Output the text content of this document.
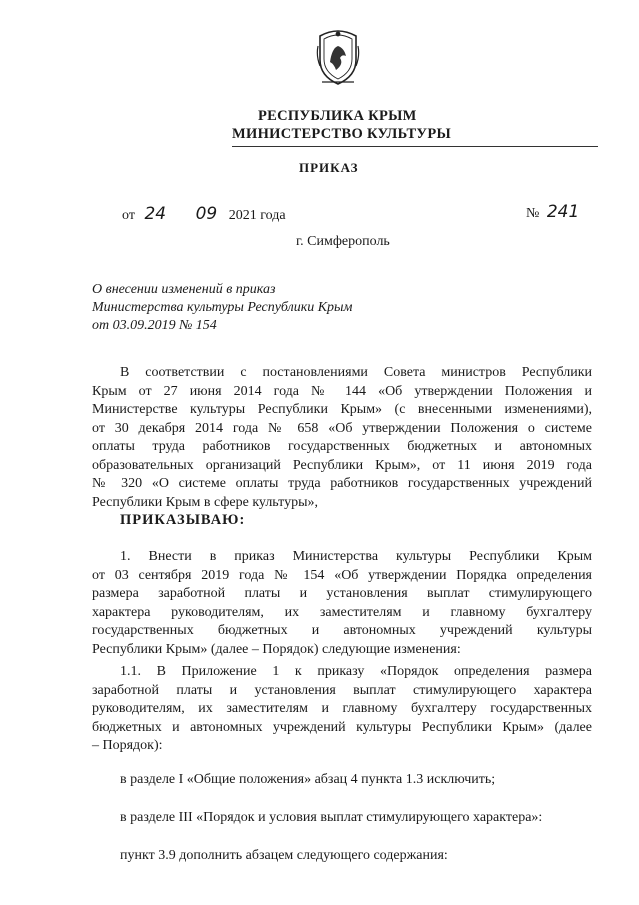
РЕСПУБЛИКА КРЫМ
МИНИСТЕРСТВО КУЛЬТУРЫ
ПРИКАЗ
от 24 09 2021 года	№ 241
г. Симферополь
О внесении изменений в приказ
Министерства культуры Республики Крым
от 03.09.2019 № 154
В соответствии с постановлениями Совета министров Республики
Крым от 27 июня 2014 года № 144 «Об утверждении Положения и
Министерстве культуры Республики Крым» (с внесенными изменениями),
от 30 декабря 2014 года № 658 «Об утверждении Положения о системе
оплаты труда работников государственных бюджетных и автономных
образовательных организаций Республики Крым», от 11 июня 2019 года
№ 320 «О системе оплаты труда работников государственных учреждений
Республики Крым в сфере культуры»,
ПРИКАЗЫВАЮ:
1. Внести в приказ Министерства культуры Республики Крым
от 03 сентября 2019 года № 154 «Об утверждении Порядка определения
размера заработной платы и установления выплат стимулирующего
характера руководителям, их заместителям и главному бухгалтеру
государственных бюджетных и автономных учреждений культуры
Республики Крым» (далее – Порядок) следующие изменения:
1.1. В Приложение 1 к приказу «Порядок определения размера
заработной платы и установления выплат стимулирующего характера
руководителям, их заместителям и главному бухгалтеру государственных
бюджетных и автономных учреждений культуры Республики Крым» (далее
– Порядок):
в разделе I «Общие положения» абзац 4 пункта 1.3 исключить;
в разделе III «Порядок и условия выплат стимулирующего характера»:
пункт 3.9 дополнить абзацем следующего содержания:
